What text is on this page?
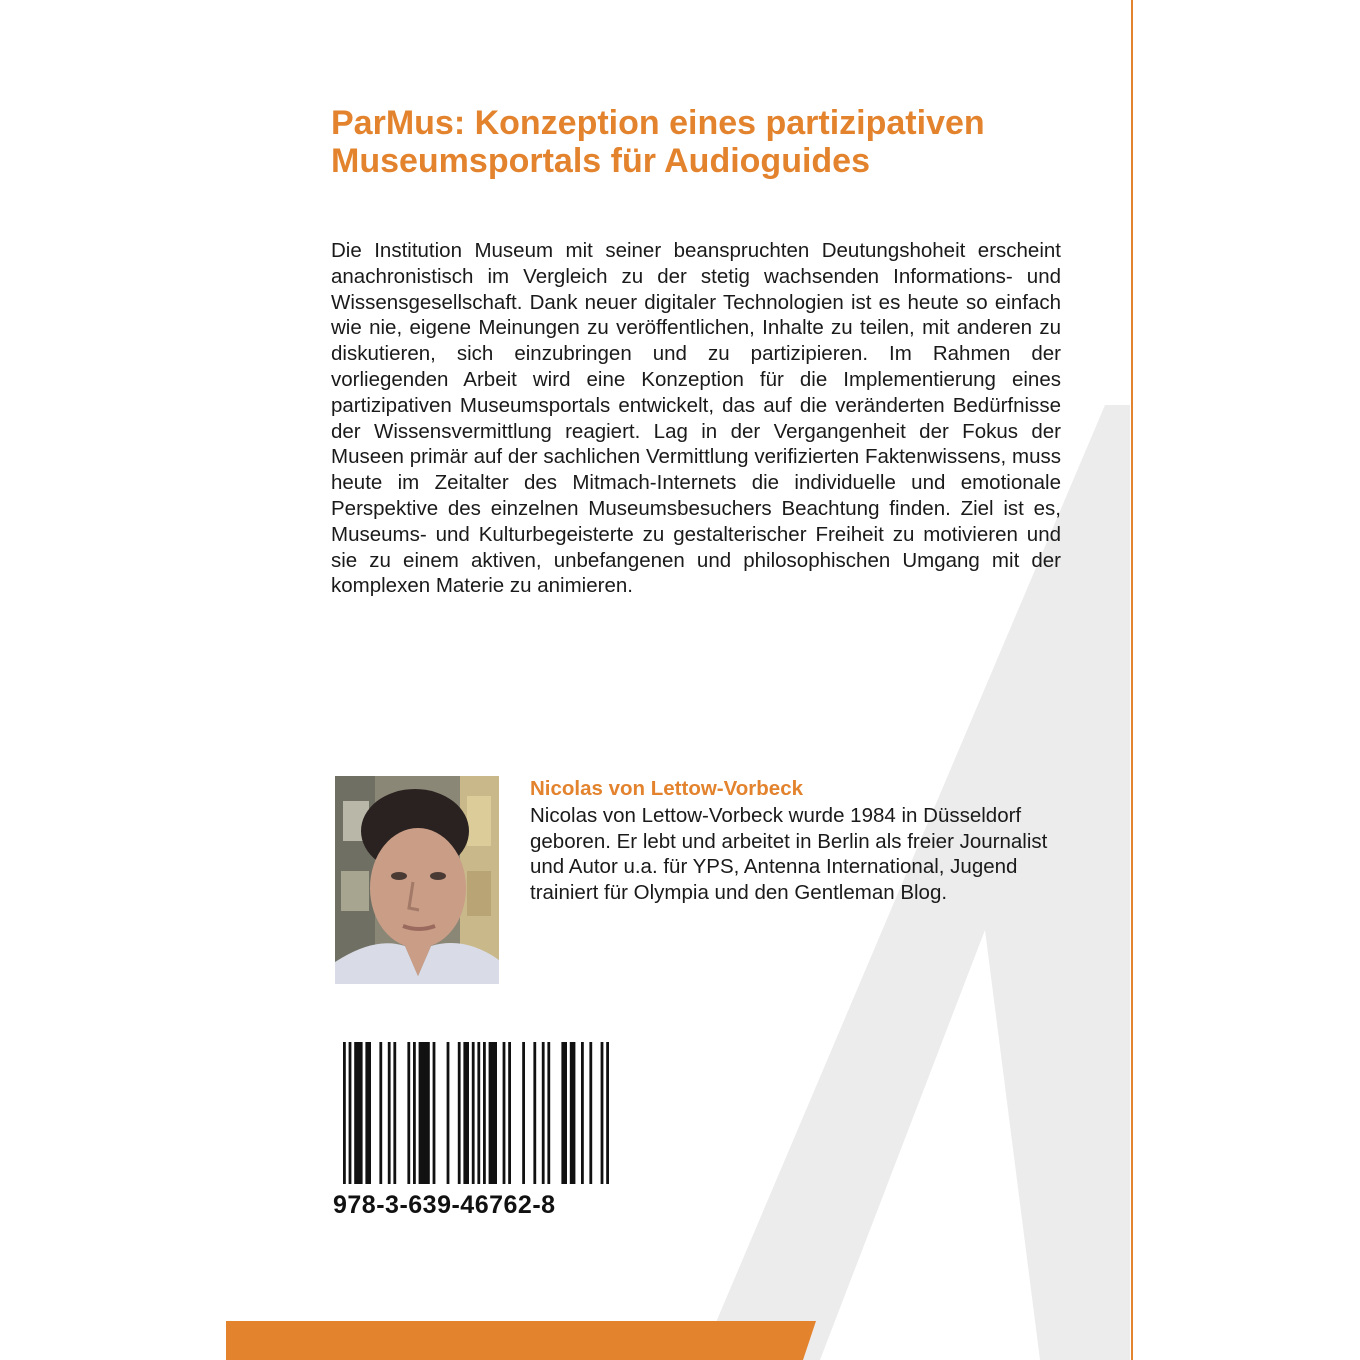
ParMus: Konzeption eines partizipativen Museumsportals für Audioguides

Die Institution Museum mit seiner beanspruchten Deutungshoheit erscheint anachronistisch im Vergleich zu der stetig wachsenden Informations- und Wissensgesellschaft. Dank neuer digitaler Technologien ist es heute so einfach wie nie, eigene Meinungen zu veröffentlichen, Inhalte zu teilen, mit anderen zu diskutieren, sich einzubringen und zu partizipieren. Im Rahmen der vorliegenden Arbeit wird eine Konzeption für die Implementierung eines partizipativen Museumsportals entwickelt, das auf die veränderten Bedürfnisse der Wissensvermittlung reagiert. Lag in der Vergangenheit der Fokus der Museen primär auf der sachlichen Vermittlung verifizierten Faktenwissens, muss heute im Zeitalter des Mitmach-Internets die individuelle und emotionale Perspektive des einzelnen Museumsbesuchers Beachtung finden. Ziel ist es, Museums- und Kulturbegeisterte zu gestalterischer Freiheit zu motivieren und sie zu einem aktiven, unbefangenen und philosophischen Umgang mit der komplexen Materie zu animieren.

Nicolas von Lettow-Vorbeck

Nicolas von Lettow-Vorbeck wurde 1984 in Düsseldorf geboren. Er lebt und arbeitet in Berlin als freier Journalist und Autor u.a. für YPS, Antenna International, Jugend trainiert für Olympia und den Gentleman Blog.

978-3-639-46762-8
